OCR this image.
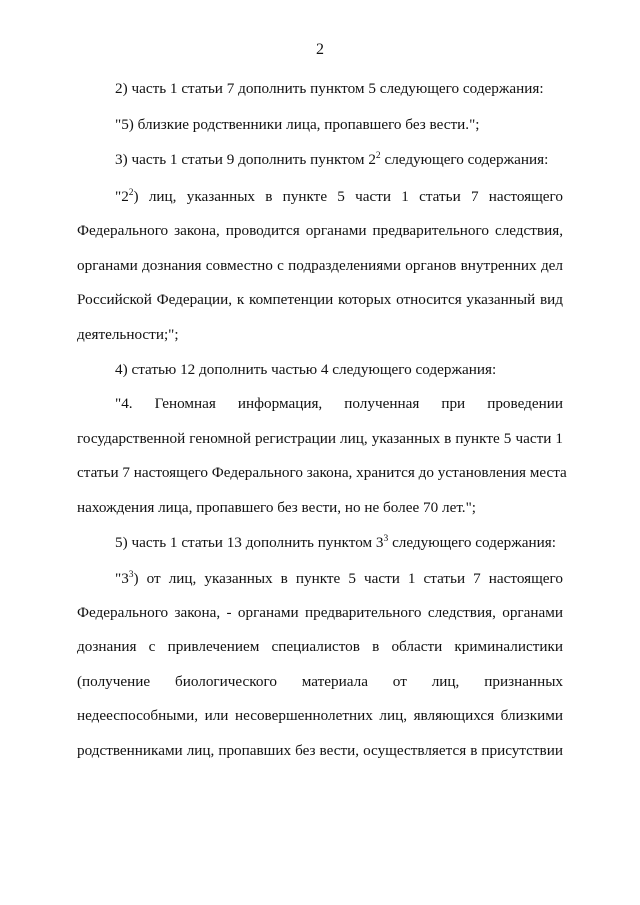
2
2) часть 1 статьи 7 дополнить пунктом 5 следующего содержания:
"5) близкие родственники лица, пропавшего без вести.";
3) часть 1 статьи 9 дополнить пунктом $2^2$ следующего содержания:
"$2^2$) лиц, указанных в пункте 5 части 1 статьи 7 настоящего
Федерального закона, проводится органами предварительного следствия,
органами дознания совместно с подразделениями органов внутренних дел
Российской Федерации, к компетенции которых относится указанный вид
деятельности;";
4) статью 12 дополнить частью 4 следующего содержания:
"4. Геномная информация, полученная при проведении
государственной геномной регистрации лиц, указанных в пункте 5 части 1
статьи 7 настоящего Федерального закона, хранится до установления места
нахождения лица, пропавшего без вести, но не более 70 лет.";
5) часть 1 статьи 13 дополнить пунктом $3^3$ следующего содержания:
"$3^3$) от лиц, указанных в пункте 5 части 1 статьи 7 настоящего
Федерального закона, - органами предварительного следствия, органами
дознания с привлечением специалистов в области криминалистики
(получение биологического материала от лиц, признанных
недееспособными, или несовершеннолетних лиц, являющихся близкими
родственниками лиц, пропавших без вести, осуществляется в присутствии
